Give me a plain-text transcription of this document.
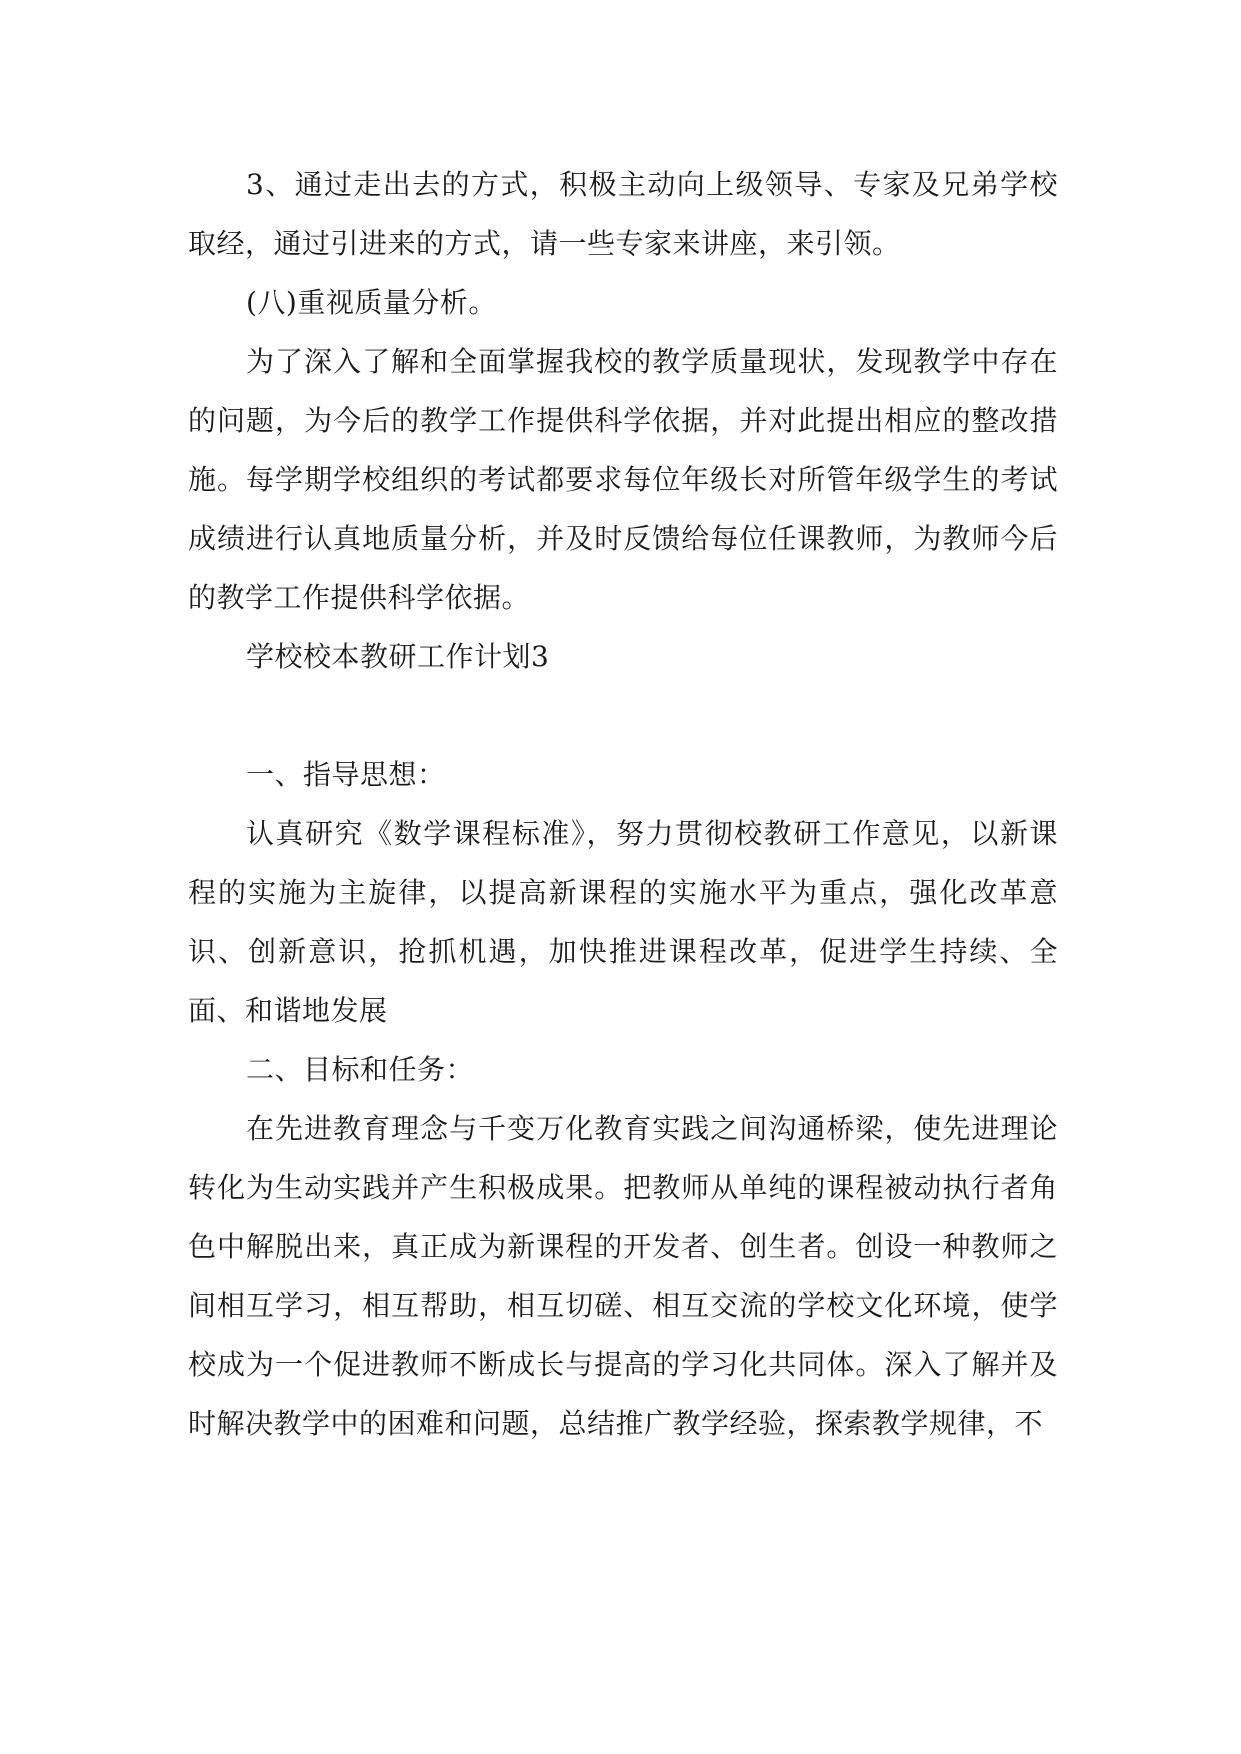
3、通过走出去的方式，积极主动向上级领导、专家及兄弟学校取经，通过引进来的方式，请一些专家来讲座，来引领。

(八)重视质量分析。

为了深入了解和全面掌握我校的教学质量现状，发现教学中存在的问题，为今后的教学工作提供科学依据，并对此提出相应的整改措施。每学期学校组织的考试都要求每位年级长对所管年级学生的考试成绩进行认真地质量分析，并及时反馈给每位任课教师，为教师今后的教学工作提供科学依据。

学校校本教研工作计划3

一、指导思想：

认真研究《数学课程标准》，努力贯彻校教研工作意见，以新课程的实施为主旋律，以提高新课程的实施水平为重点，强化改革意识、创新意识，抢抓机遇，加快推进课程改革，促进学生持续、全面、和谐地发展

二、目标和任务：

在先进教育理念与千变万化教育实践之间沟通桥梁，使先进理论转化为生动实践并产生积极成果。把教师从单纯的课程被动执行者角色中解脱出来，真正成为新课程的开发者、创生者。创设一种教师之间相互学习，相互帮助，相互切磋、相互交流的学校文化环境，使学校成为一个促进教师不断成长与提高的学习化共同体。深入了解并及时解决教学中的困难和问题，总结推广教学经验，探索教学规律，不
